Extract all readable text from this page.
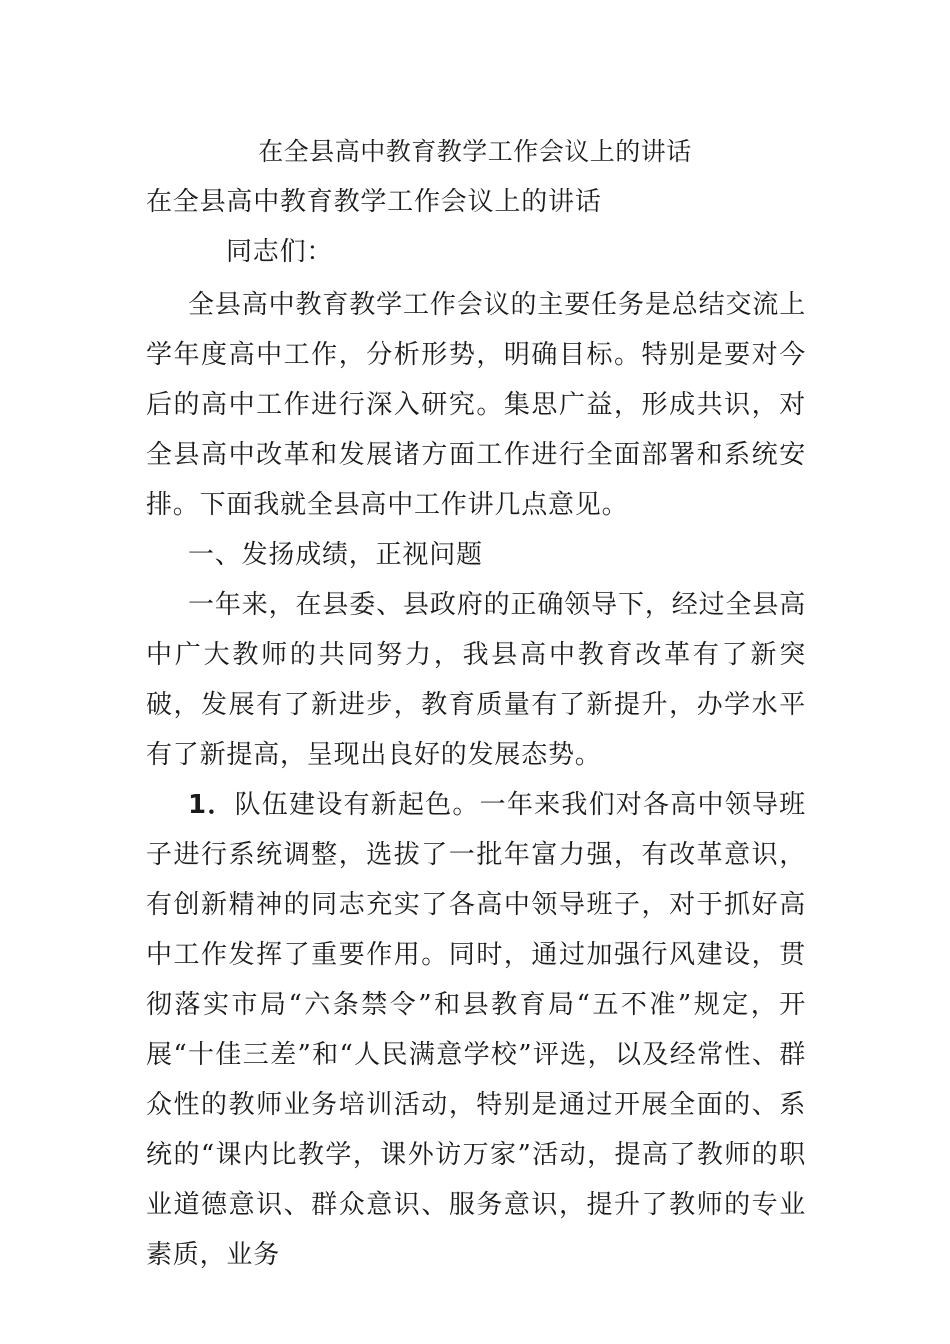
在全县高中教育教学工作会议上的讲话
在全县高中教育教学工作会议上的讲话
同志们：

全县高中教育教学工作会议的主要任务是总结交流上学年度高中工作，分析形势，明确目标。特别是要对今后的高中工作进行深入研究。集思广益，形成共识，对全县高中改革和发展诸方面工作进行全面部署和系统安排。下面我就全县高中工作讲几点意见。

一、发扬成绩，正视问题

一年来，在县委、县政府的正确领导下，经过全县高中广大教师的共同努力，我县高中教育改革有了新突破，发展有了新进步，教育质量有了新提升，办学水平有了新提高，呈现出良好的发展态势。

1．队伍建设有新起色。一年来我们对各高中领导班子进行系统调整，选拔了一批年富力强，有改革意识，有创新精神的同志充实了各高中领导班子，对于抓好高中工作发挥了重要作用。同时，通过加强行风建设，贯彻落实市局“六条禁令”和县教育局“五不准”规定，开展“十佳三差”和“人民满意学校”评选，以及经常性、群众性的教师业务培训活动，特别是通过开展全面的、系统的“课内比教学，课外访万家”活动，提高了教师的职业道德意识、群众意识、服务意识，提升了教师的专业素质，业务
